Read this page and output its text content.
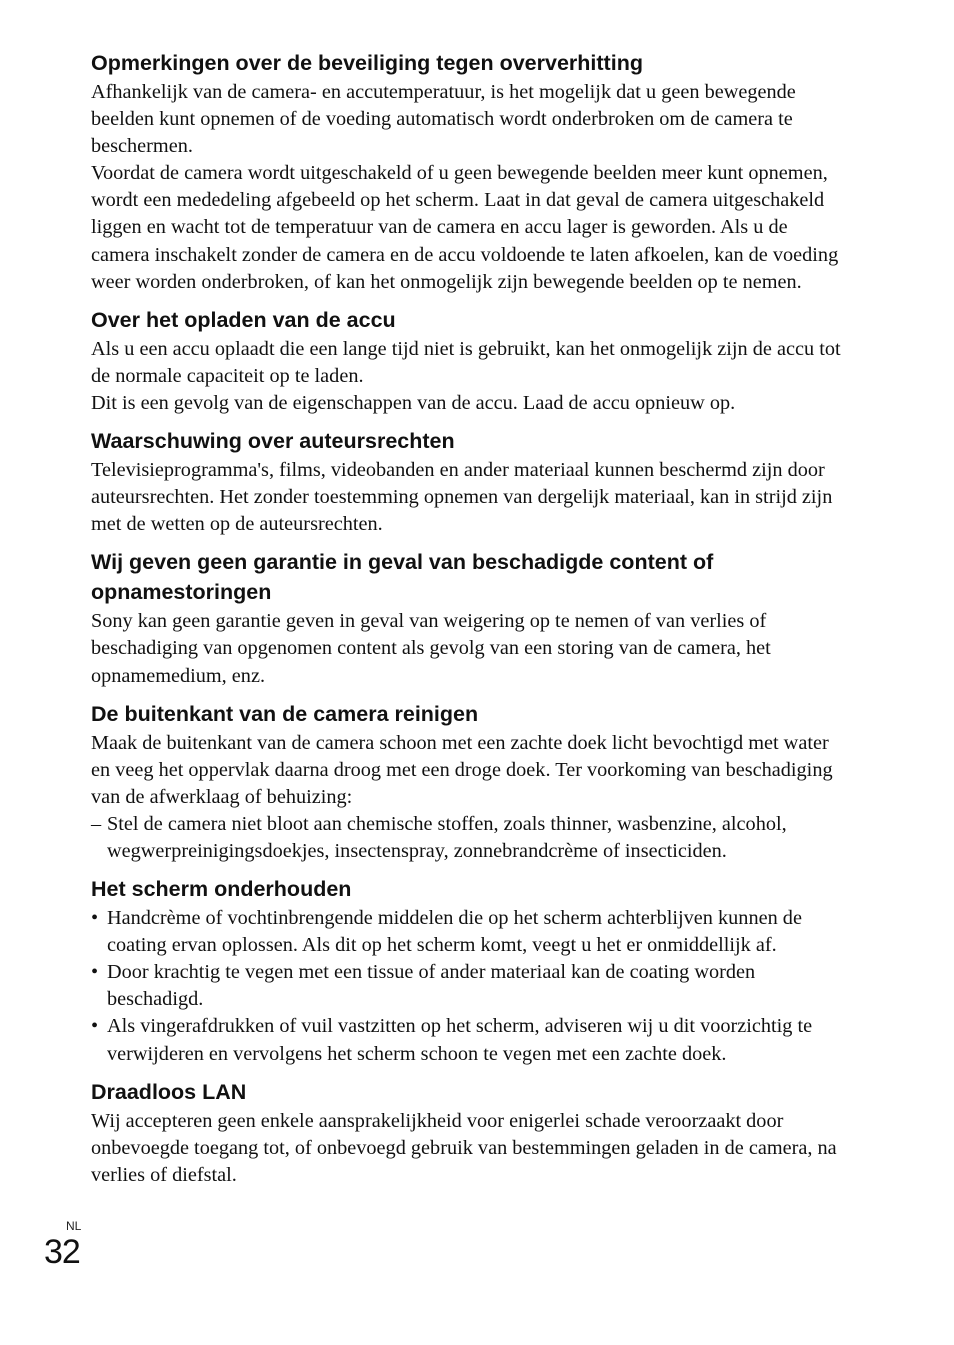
Opmerkingen over de beveiliging tegen oververhitting

Afhankelijk van de camera- en accutemperatuur, is het mogelijk dat u geen bewegende beelden kunt opnemen of de voeding automatisch wordt onderbroken om de camera te beschermen.

Voordat de camera wordt uitgeschakeld of u geen bewegende beelden meer kunt opnemen, wordt een mededeling afgebeeld op het scherm. Laat in dat geval de camera uitgeschakeld liggen en wacht tot de temperatuur van de camera en accu lager is geworden. Als u de camera inschakelt zonder de camera en de accu voldoende te laten afkoelen, kan de voeding weer worden onderbroken, of kan het onmogelijk zijn bewegende beelden op te nemen.

Over het opladen van de accu

Als u een accu oplaadt die een lange tijd niet is gebruikt, kan het onmogelijk zijn de accu tot de normale capaciteit op te laden.

Dit is een gevolg van de eigenschappen van de accu. Laad de accu opnieuw op.

Waarschuwing over auteursrechten

Televisieprogramma's, films, videobanden en ander materiaal kunnen beschermd zijn door auteursrechten. Het zonder toestemming opnemen van dergelijk materiaal, kan in strijd zijn met de wetten op de auteursrechten.

Wij geven geen garantie in geval van beschadigde content of opnamestoringen

Sony kan geen garantie geven in geval van weigering op te nemen of van verlies of beschadiging van opgenomen content als gevolg van een storing van de camera, het opnamemedium, enz.

De buitenkant van de camera reinigen

Maak de buitenkant van de camera schoon met een zachte doek licht bevochtigd met water en veeg het oppervlak daarna droog met een droge doek. Ter voorkoming van beschadiging van de afwerklaag of behuizing:

– Stel de camera niet bloot aan chemische stoffen, zoals thinner, wasbenzine, alcohol, wegwerpreinigingsdoekjes, insectenspray, zonnebrandcrème of insecticiden.
Het scherm onderhouden
• Handcrème of vochtinbrengende middelen die op het scherm achterblijven kunnen de coating ervan oplossen. Als dit op het scherm komt, veegt u het er onmiddellijk af.
• Door krachtig te vegen met een tissue of ander materiaal kan de coating worden beschadigd.
• Als vingerafdrukken of vuil vastzitten op het scherm, adviseren wij u dit voorzichtig te verwijderen en vervolgens het scherm schoon te vegen met een zachte doek.
Draadloos LAN

Wij accepteren geen enkele aansprakelijkheid voor enigerlei schade veroorzaakt door onbevoegde toegang tot, of onbevoegd gebruik van bestemmingen geladen in de camera, na verlies of diefstal.

NL
32
